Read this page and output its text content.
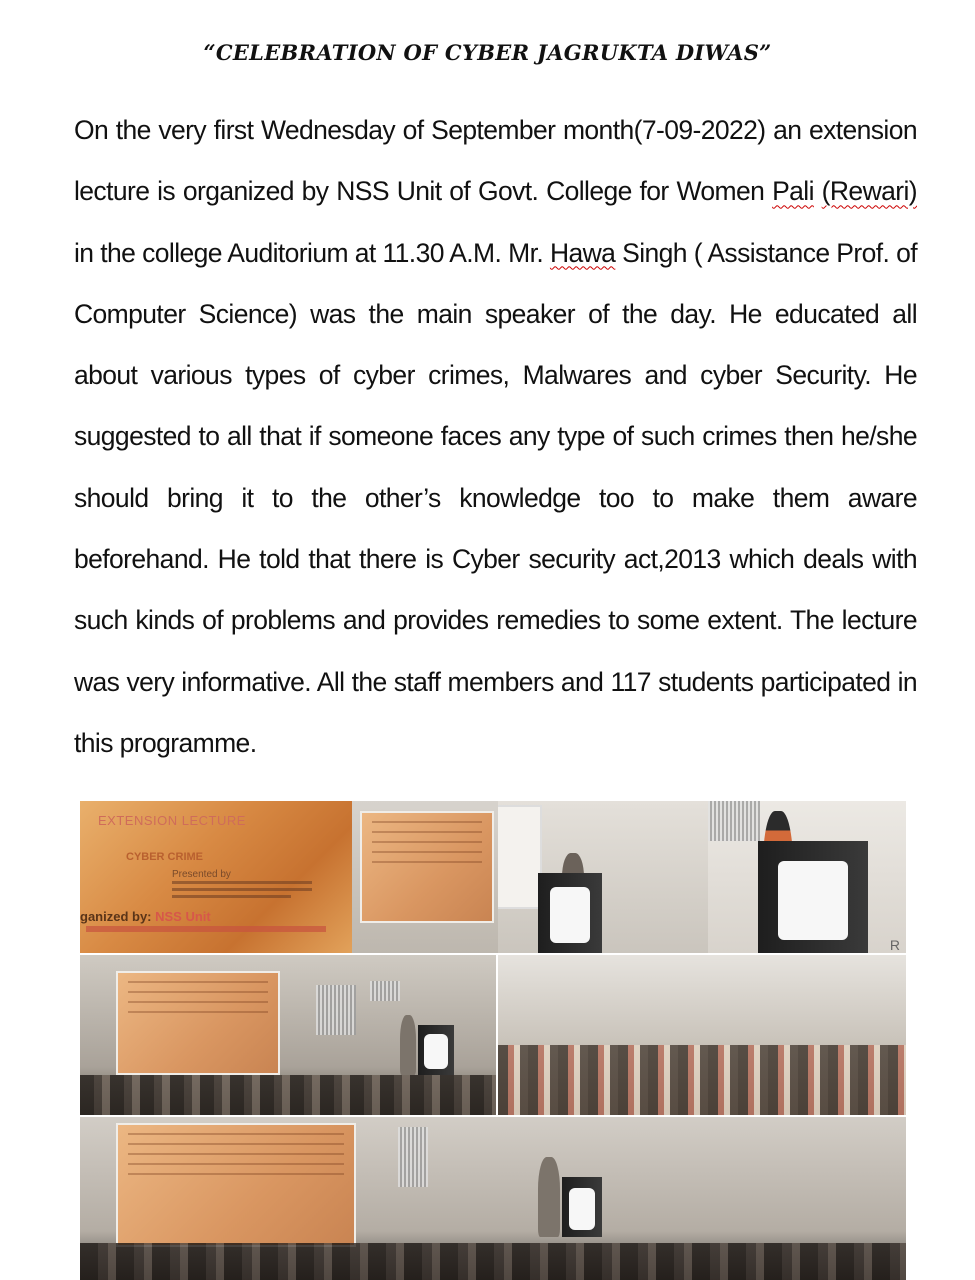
“CELEBRATION OF CYBER JAGRUKTA DIWAS”
On the very first Wednesday of September month(7-09-2022) an extension lecture is organized by NSS Unit of Govt. College for Women Pali (Rewari) in the college Auditorium at 11.30 A.M. Mr. Hawa Singh ( Assistance Prof. of Computer Science) was the main speaker of the day. He educated all about various types of cyber crimes, Malwares and cyber Security. He suggested to all that if someone faces any type of such crimes then he/she should bring it to the other’s knowledge too to make them aware beforehand. He told that there is Cyber security act,2013 which deals with such kinds of problems and provides remedies to some extent. The lecture was very informative. All the staff members and 117 students participated in this programme.
EXTENSION LECTURE
CYBER CRIME
Presented by
ganized by: NSS Unit
R
